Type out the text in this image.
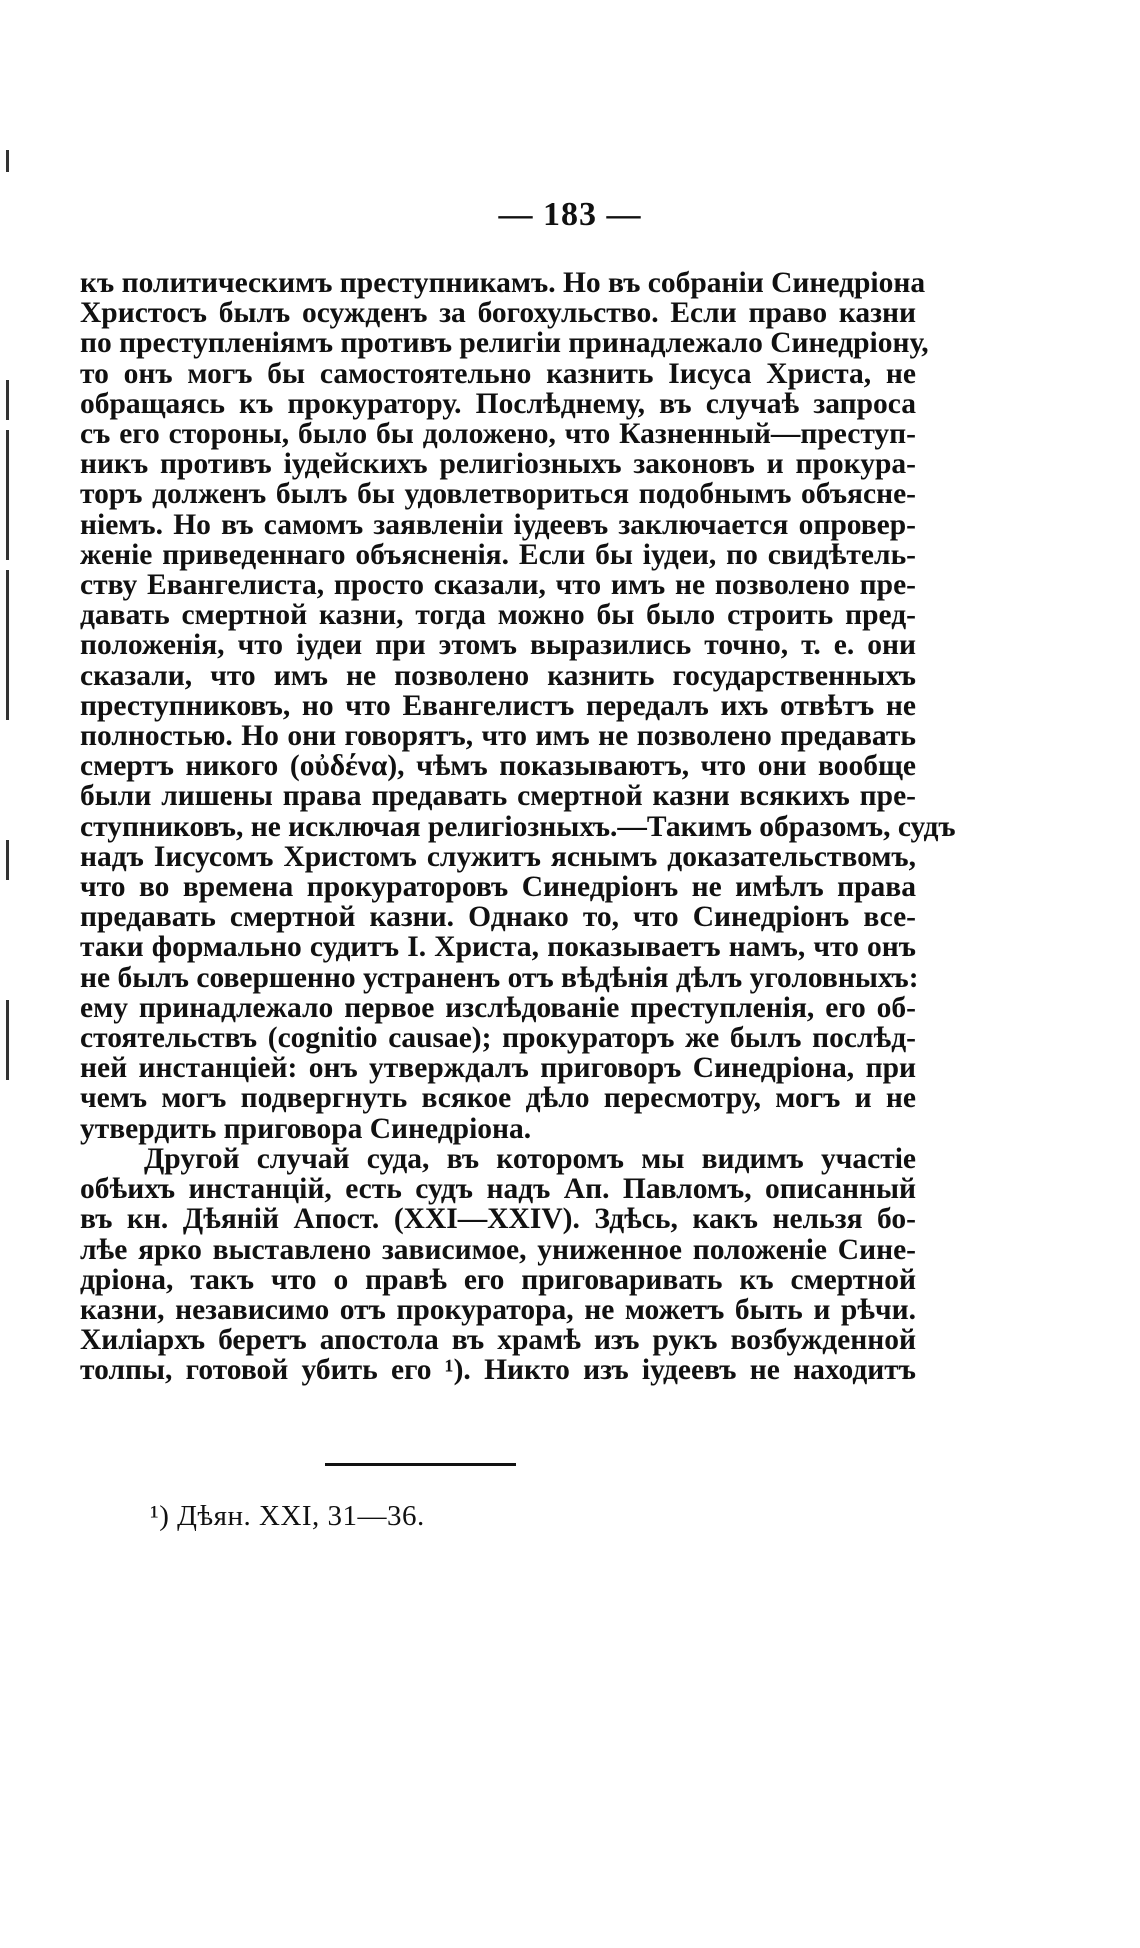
— 183 —
къ политическимъ преступникамъ. Но въ собраніи Синедріона
Христосъ былъ осужденъ за богохульство. Если право казни
по преступленіямъ противъ религіи принадлежало Синедріону,
то онъ могъ бы самостоятельно казнить Іисуса Христа, не
обращаясь къ прокуратору. Послѣднему, въ случаѣ запроса
съ его стороны, было бы доложено, что Казненный—преступ-
никъ противъ іудейскихъ религіозныхъ законовъ и прокура-
торъ долженъ былъ бы удовлетвориться подобнымъ объясне-
ніемъ. Но въ самомъ заявленіи іудеевъ заключается опровер-
женіе приведеннаго объясненія. Если бы іудеи, по свидѣтель-
ству Евангелиста, просто сказали, что имъ не позволено пре-
давать смертной казни, тогда можно бы было строить пред-
положенія, что іудеи при этомъ выразились точно, т. е. они
сказали, что имъ не позволено казнить государственныхъ
преступниковъ, но что Евангелистъ передалъ ихъ отвѣтъ не
полностью. Но они говорятъ, что имъ не позволено предавать
смертъ никого (οὐδένα), чѣмъ показываютъ, что они вообще
были лишены права предавать смертной казни всякихъ пре-
ступниковъ, не исключая религіозныхъ.—Такимъ образомъ, судъ
надъ Іисусомъ Христомъ служитъ яснымъ доказательствомъ,
что во времена прокураторовъ Синедріонъ не имѣлъ права
предавать смертной казни. Однако то, что Синедріонъ все-
таки формально судитъ І. Христа, показываетъ намъ, что онъ
не былъ совершенно устраненъ отъ вѣдѣнія дѣлъ уголовныхъ:
ему принадлежало первое изслѣдованіе преступленія, его об-
стоятельствъ (cognitio causae); прокураторъ же былъ послѣд-
ней инстанціей: онъ утверждалъ приговоръ Синедріона, при
чемъ могъ подвергнуть всякое дѣло пересмотру, могъ и не
утвердить приговора Синедріона.
Другой случай суда, въ которомъ мы видимъ участіе
обѣихъ инстанцій, есть судъ надъ Ап. Павломъ, описанный
въ кн. Дѣяній Апост. (XXI—XXIV). Здѣсь, какъ нельзя бо-
лѣе ярко выставлено зависимое, униженное положеніе Сине-
дріона, такъ что о правѣ его приговаривать къ смертной
казни, независимо отъ прокуратора, не можетъ быть и рѣчи.
Хиліархъ беретъ апостола въ храмѣ изъ рукъ возбужденной
толпы, готовой убить его ¹). Никто изъ іудеевъ не находитъ
¹) Дѣян. XXI, 31—36.
